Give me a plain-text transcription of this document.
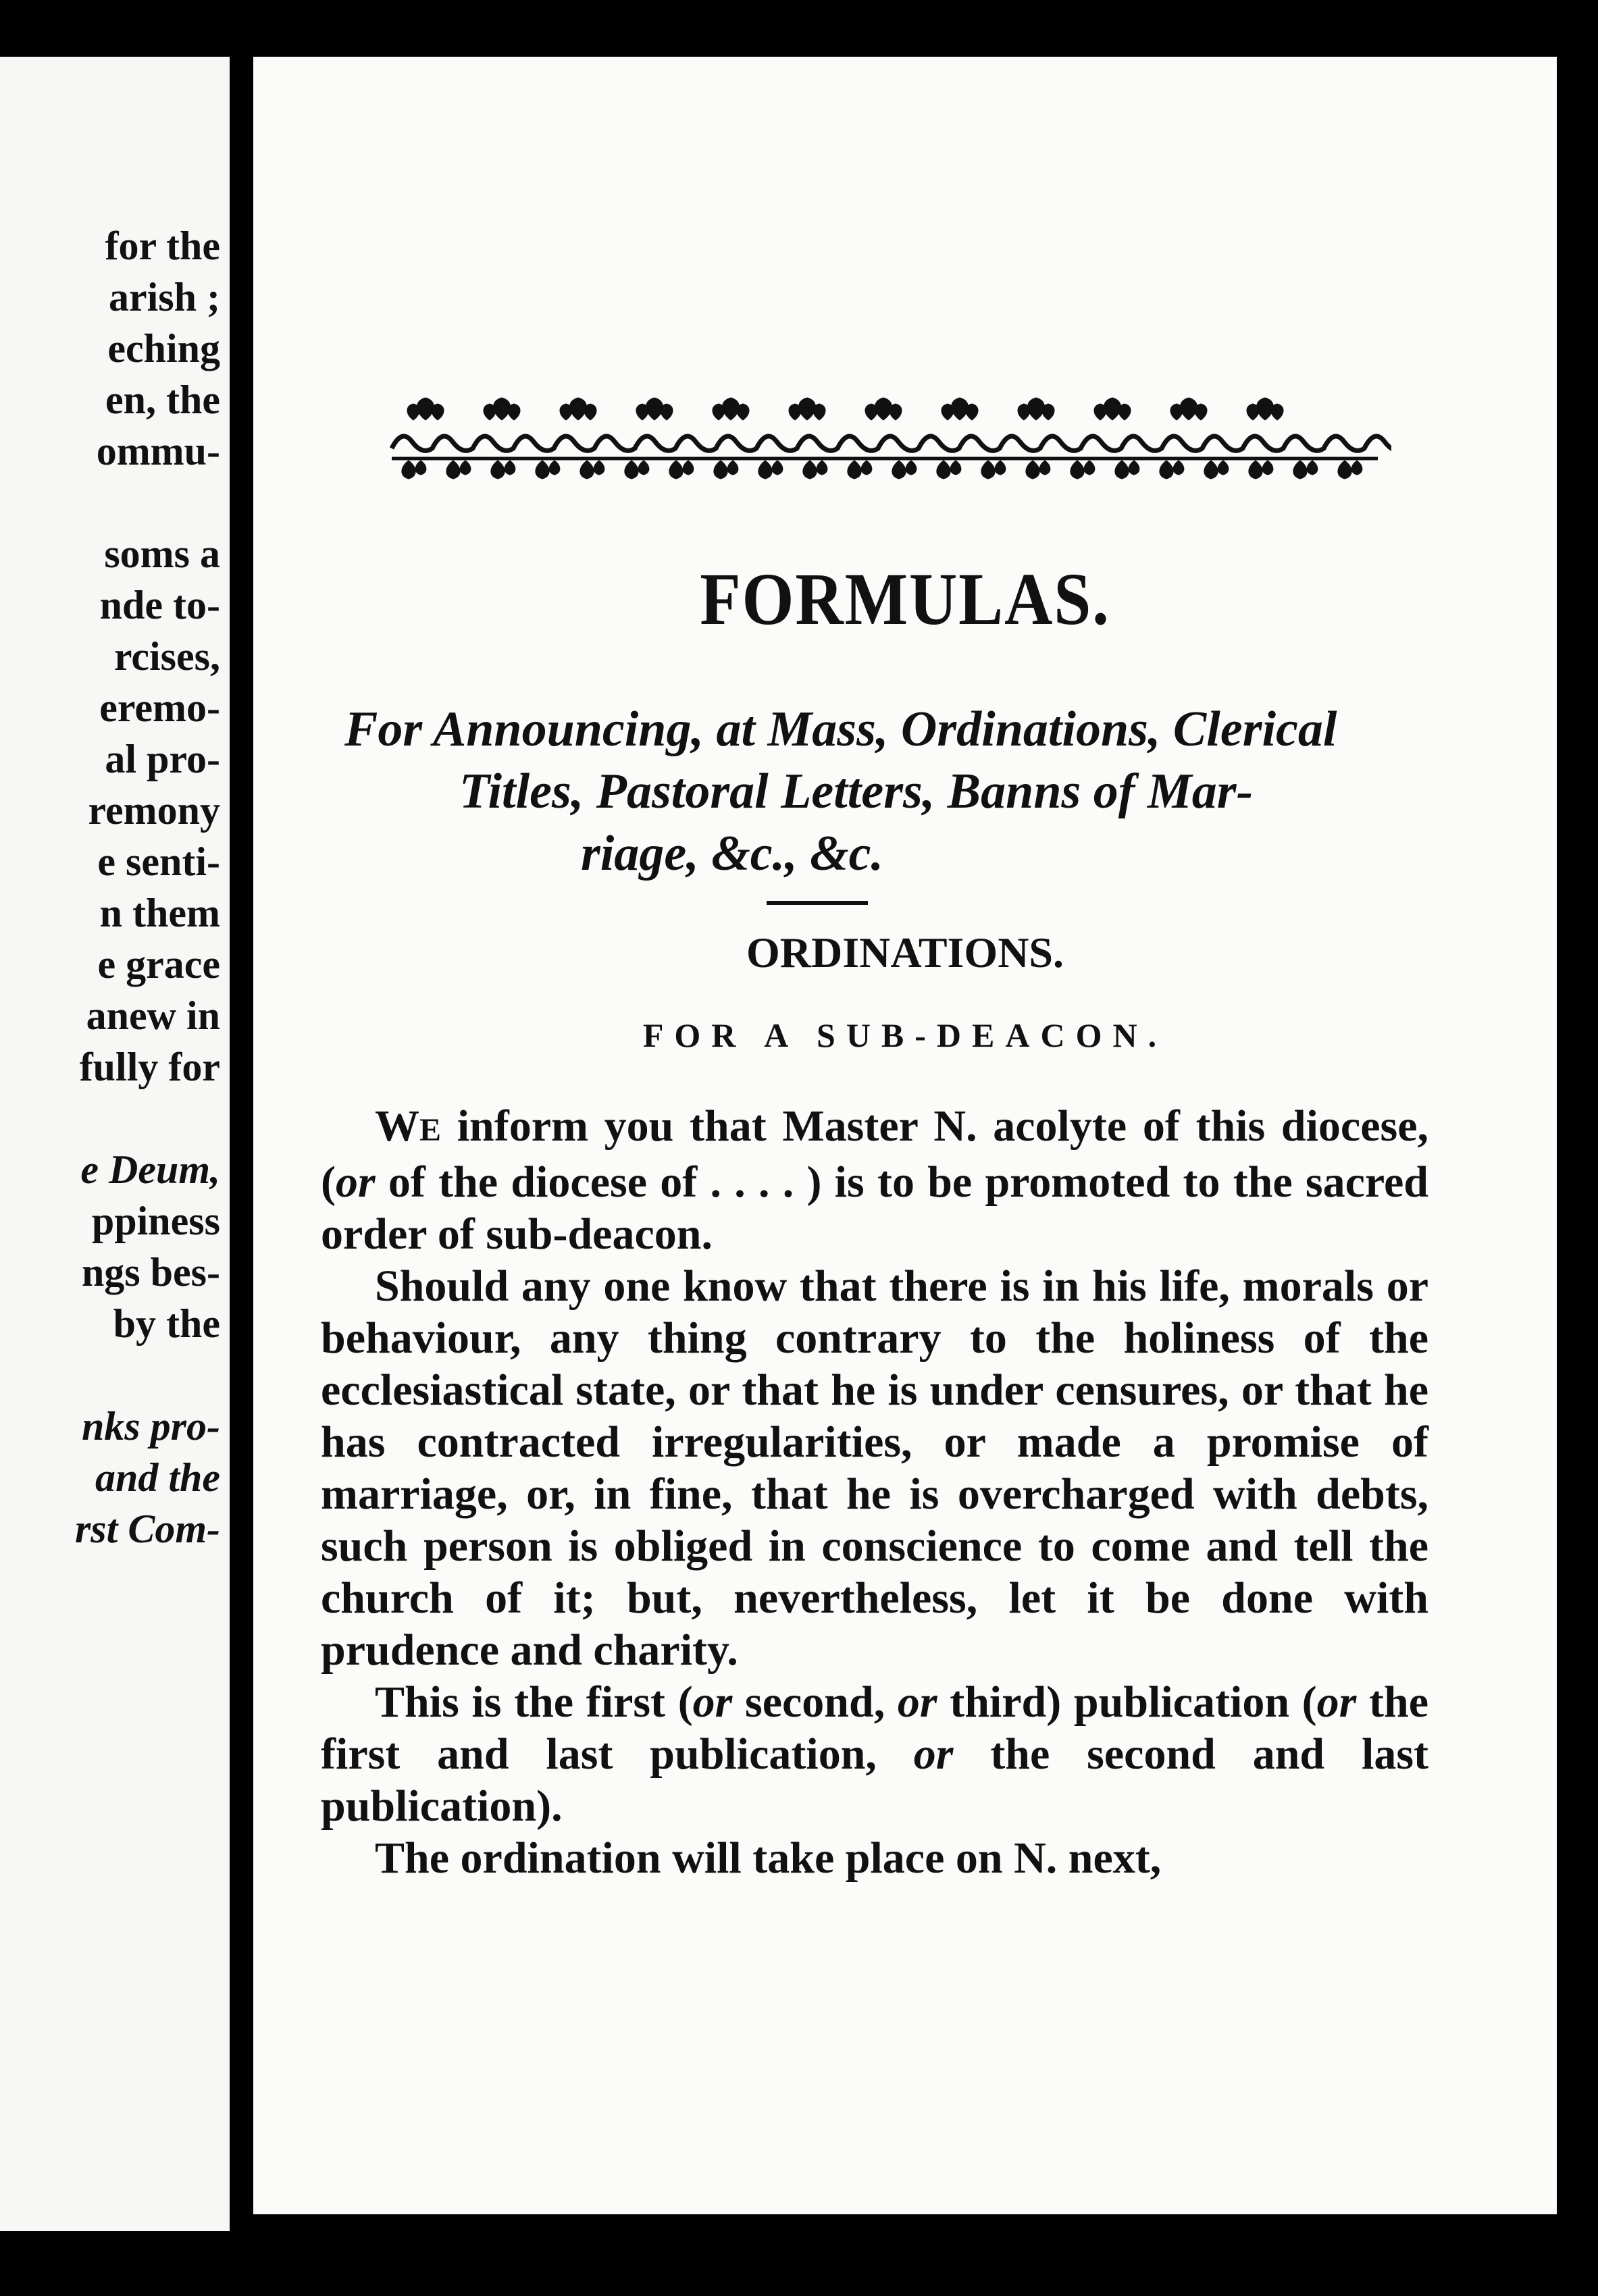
for the
arish ;
eching
en, the
ommu-
soms a
nde to-
rcises,
eremo-
al pro-
remony
e senti-
n them
e grace
anew in
fully for
e Deum,
ppiness
ngs bes-
by the
nks pro-
and the
rst Com-
FORMULAS.
For Announcing, at Mass, Ordinations, Clerical
Titles, Pastoral Letters, Banns of Mar-
riage, &c., &c.
ORDINATIONS.
FOR A SUB-DEACON.

WE inform you that Master N. acolyte of this diocese, (or of the diocese of . . . . ) is to be promoted to the sacred order of sub-deacon.

Should any one know that there is in his life, morals or behaviour, any thing contrary to the holiness of the ecclesiastical state, or that he is under censures, or that he has contracted irregularities, or made a promise of marriage, or, in fine, that he is overcharged with debts, such person is obliged in conscience to come and tell the church of it; but, nevertheless, let it be done with prudence and charity.

This is the first (or second, or third) publication (or the first and last publication, or the second and last publication).

The ordination will take place on N. next,
